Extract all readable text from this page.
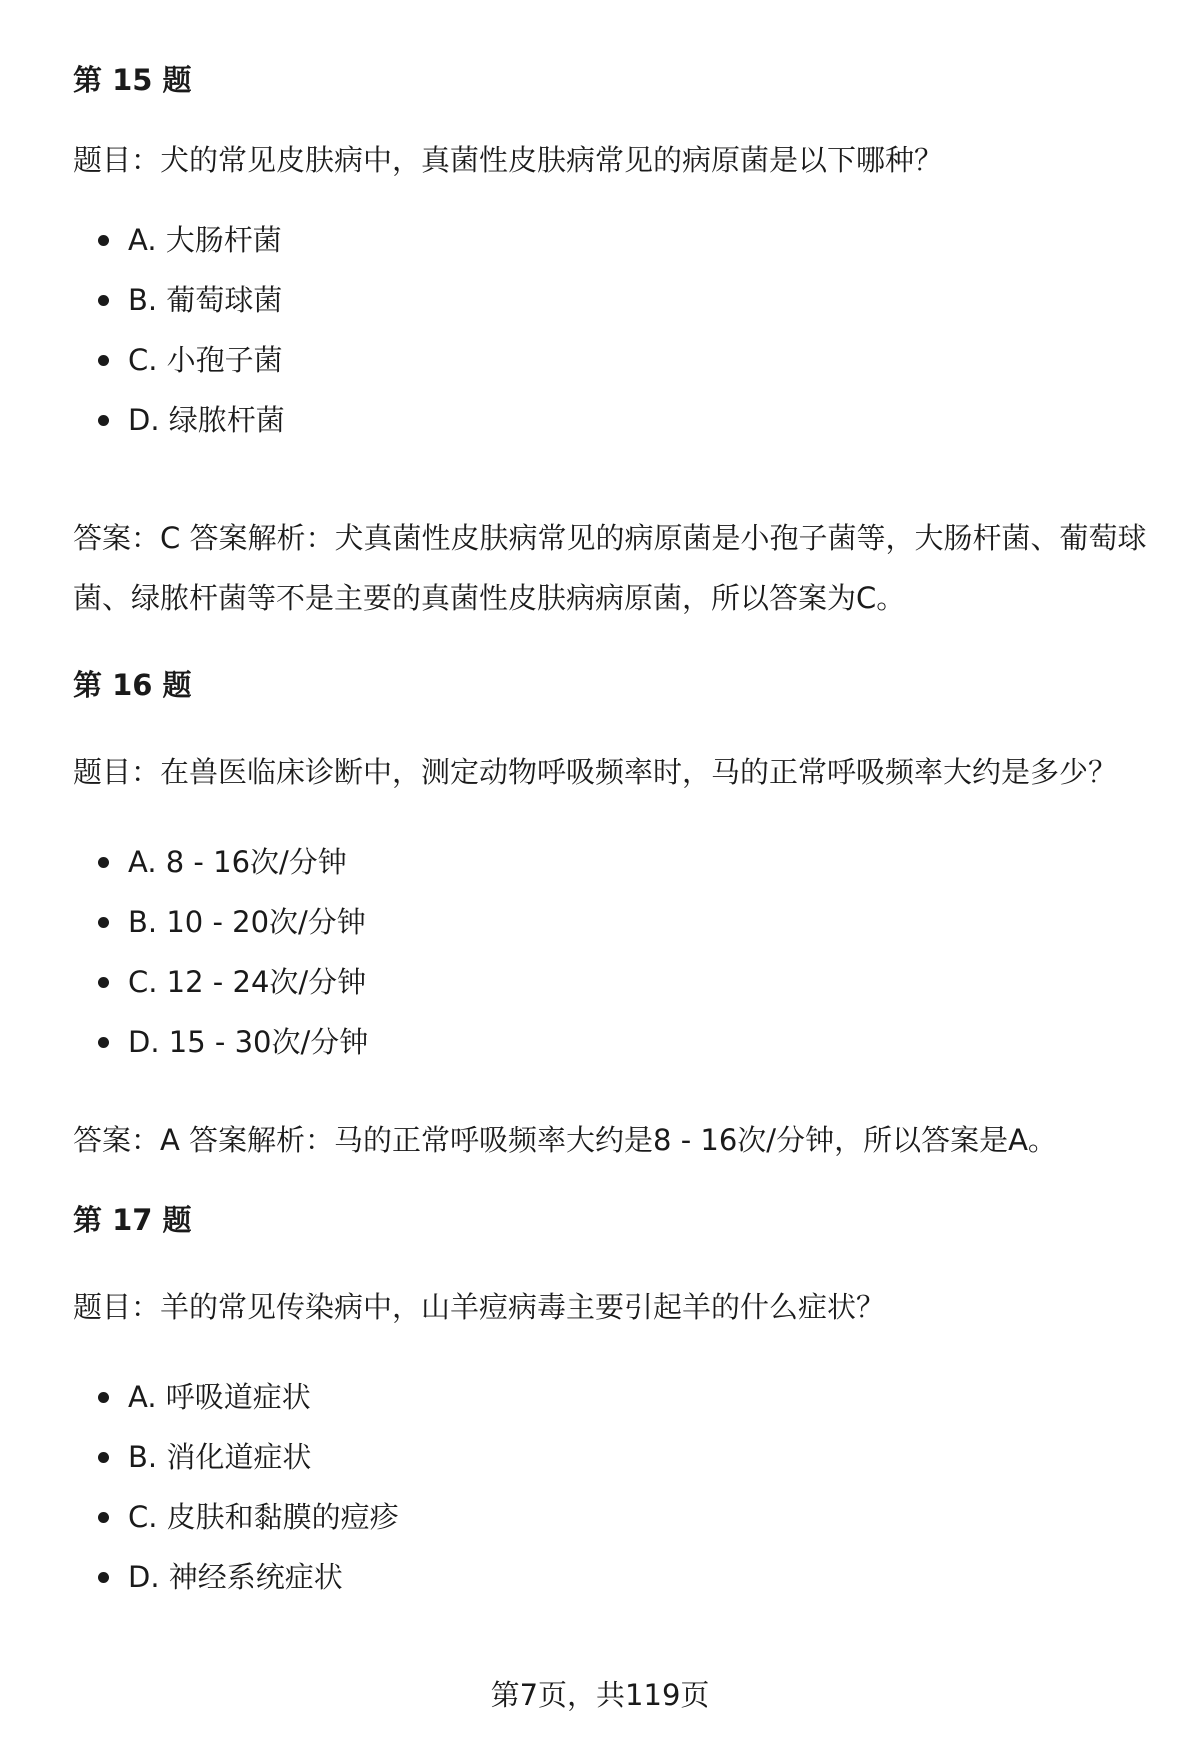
第 15 题
题目：犬的常见皮肤病中，真菌性皮肤病常见的病原菌是以下哪种？
A. 大肠杆菌
B. 葡萄球菌
C. 小孢子菌
D. 绿脓杆菌
答案：C 答案解析：犬真菌性皮肤病常见的病原菌是小孢子菌等，大肠杆菌、葡萄球菌、绿脓杆菌等不是主要的真菌性皮肤病病原菌，所以答案为C。
第 16 题
题目：在兽医临床诊断中，测定动物呼吸频率时，马的正常呼吸频率大约是多少？
A. 8 - 16次/分钟
B. 10 - 20次/分钟
C. 12 - 24次/分钟
D. 15 - 30次/分钟
答案：A 答案解析：马的正常呼吸频率大约是8 - 16次/分钟，所以答案是A。
第 17 题
题目：羊的常见传染病中，山羊痘病毒主要引起羊的什么症状？
A. 呼吸道症状
B. 消化道症状
C. 皮肤和黏膜的痘疹
D. 神经系统症状
第7页，共119页
